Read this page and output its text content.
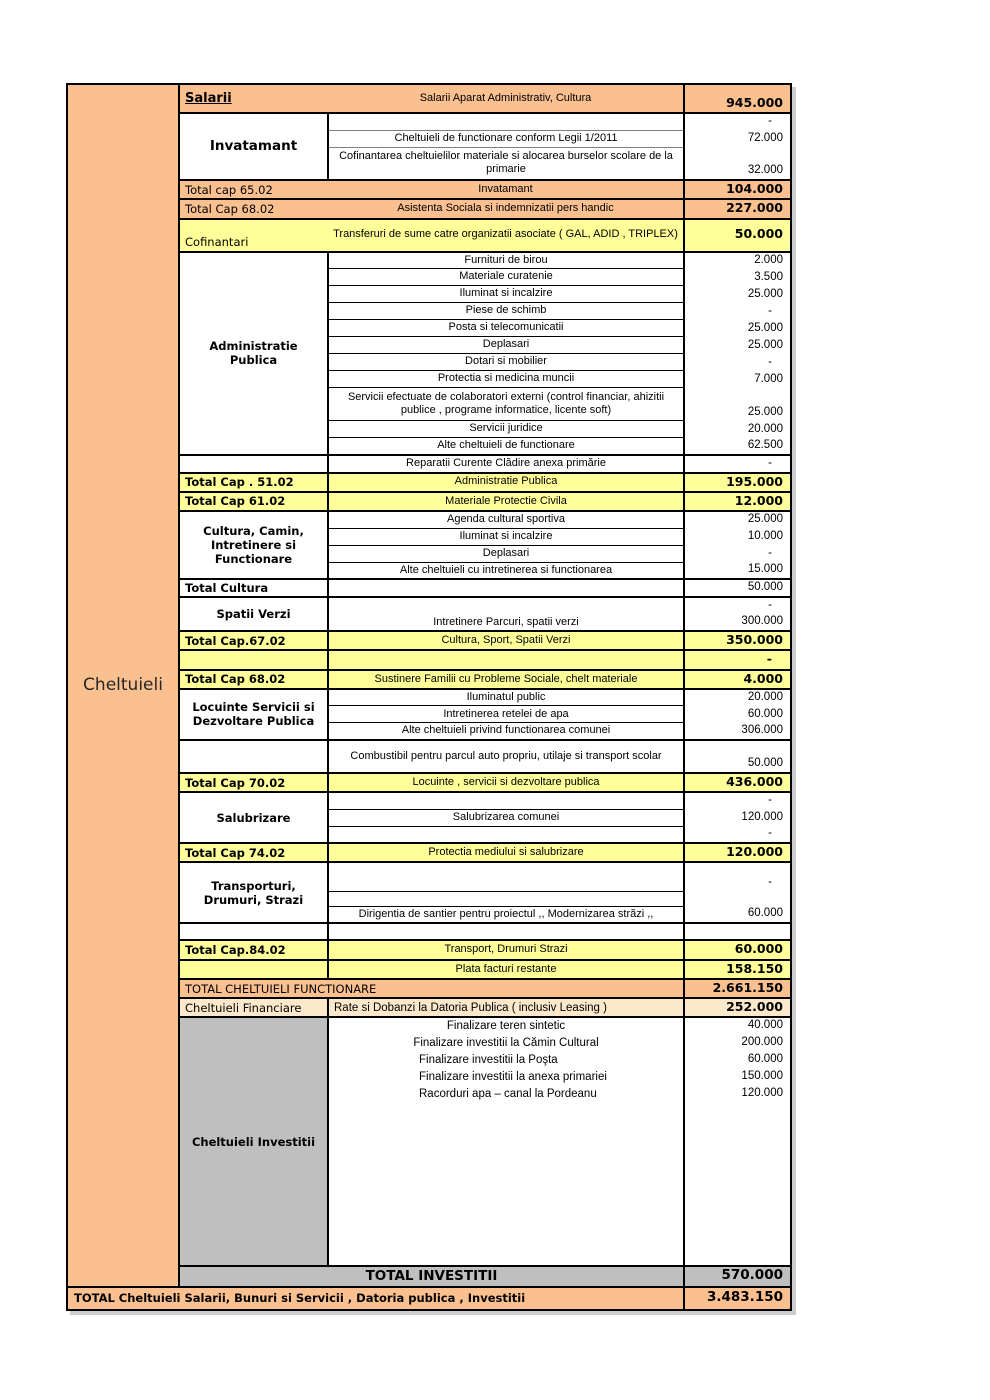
Cheltuieli	Salarii	Salarii Aparat Administrativ, Cultura	945.000
	Invatamant		-
		Cheltuieli de functionare conform Legii 1/2011	72.000
		Cofinantarea cheltuielilor materiale si alocarea burselor scolare de la primarie	32.000
	Total cap 65.02	Invatamant	104.000
	Total Cap 68.02	Asistenta Sociala si indemnizatii pers handic	227.000
	Cofinantari	Transferuri de sume catre organizatii asociate ( GAL, ADID , TRIPLEX)	50.000
	Administratie Publica	Furnituri de birou	2.000
		Materiale curatenie	3.500
		Iluminat si incalzire	25.000
		Piese de schimb	-
		Posta si telecomunicatii	25.000
		Deplasari	25.000
		Dotari si mobilier	-
		Protectia si medicina muncii	7.000
		Servicii efectuate de colaboratori externi (control financiar, ahizitii publice , programe informatice, licente soft)	25.000
		Servicii juridice	20.000
		Alte cheltuieli de functionare	62.500
		Reparatii Curente Clădire anexa primărie	-
	Total Cap . 51.02	Administratie Publica	195.000
	Total Cap 61.02	Materiale Protectie Civila	12.000
	Cultura, Camin, Intretinere si Functionare	Agenda cultural sportiva	25.000
		Iluminat si incalzire	10.000
		Deplasari	-
		Alte cheltuieli cu intretinerea si functionarea	15.000
	Total Cultura		50.000
	Spatii Verzi		-
		Intretinere Parcuri, spatii verzi	300.000
	Total Cap.67.02	Cultura, Sport, Spatii Verzi	350.000
			-
	Total Cap 68.02	Sustinere Familii cu Probleme Sociale, chelt materiale	4.000
	Locuinte Servicii si Dezvoltare Publica	Iluminatul public	20.000
		Intretinerea retelei de apa	60.000
		Alte cheltuieli privind functionarea comunei	306.000
		Combustibil pentru parcul auto propriu, utilaje si transport scolar	50.000
	Total Cap 70.02	Locuinte , servicii si dezvoltare publica	436.000
	Salubrizare		-
		Salubrizarea comunei	120.000
			-
	Total Cap 74.02	Protectia mediului si salubrizare	120.000
	Transporturi, Drumuri, Strazi		-

		Dirigentia de santier pentru proiectul ,, Modernizarea străzi ,,	60.000

	Total Cap.84.02	Transport, Drumuri Strazi	60.000
		Plata facturi restante	158.150
	TOTAL CHELTUIELI FUNCTIONARE		2.661.150
	Cheltuieli Financiare	Rate si Dobanzi la Datoria Publica ( inclusiv Leasing )	252.000
	Cheltuieli Investitii	Finalizare teren sintetic	40.000
		Finalizare investitii la Cămin Cultural	200.000
		Finalizare investitii la Poşta	60.000
		Finalizare investitii la anexa primariei	150.000
		Racorduri apa – canal la Pordeanu	120.000

	TOTAL INVESTITII		570.000
TOTAL Cheltuieli Salarii, Bunuri si Servicii , Datoria publica , Investitii			3.483.150
